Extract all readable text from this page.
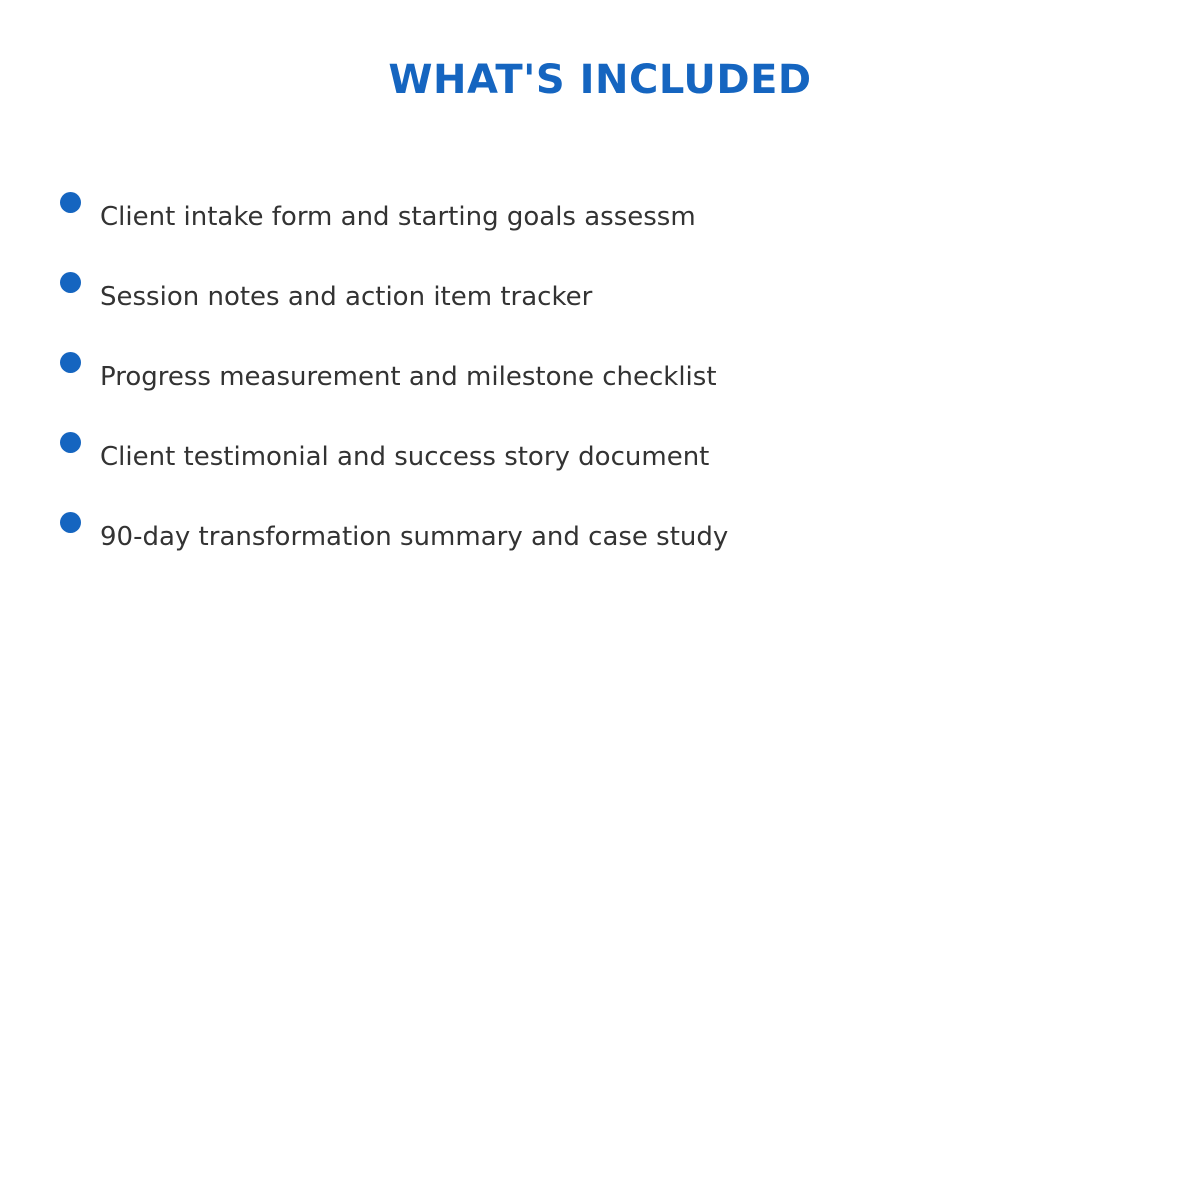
WHAT'S INCLUDED
Client intake form and starting goals assessm
Session notes and action item tracker
Progress measurement and milestone checklist
Client testimonial and success story document
90-day transformation summary and case study
